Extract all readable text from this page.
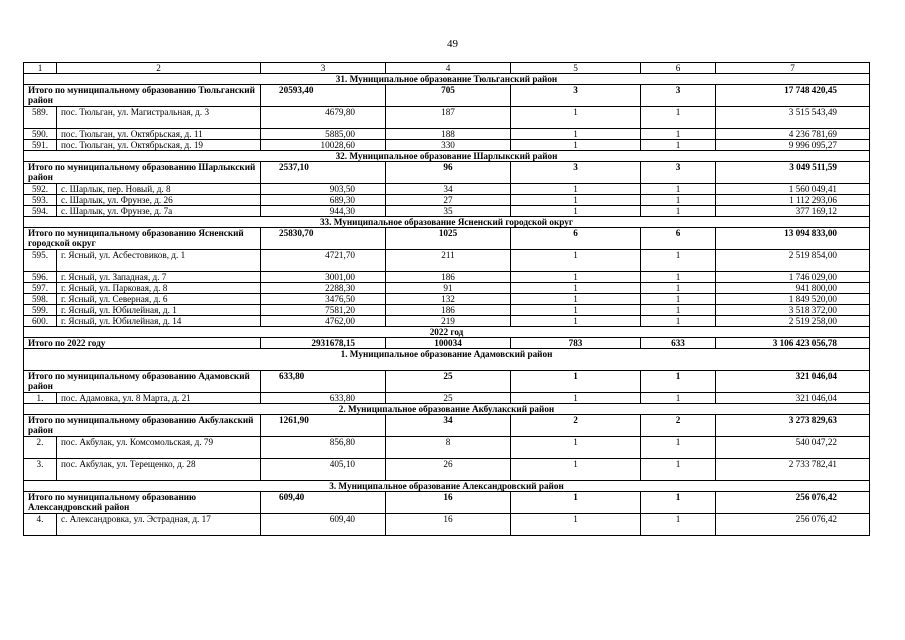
49
1	2	3	4	5	6	7
31. Муниципальное образование Тюльганский район						
Итого по муниципальному образованию Тюльганский район		20593,40	705	3	3	17 748 420,45
589.	пос. Тюльган, ул. Магистральная, д. 3	4679,80	187	1	1	3 515 543,49
590.	пос. Тюльган, ул. Октябрьская, д. 11	5885,00	188	1	1	4 236 781,69
591.	пос. Тюльган, ул. Октябрьская, д. 19	10028,60	330	1	1	9 996 095,27
32. Муниципальное образование Шарлыкский район						
Итого по муниципальному образованию Шарлыкский район		2537,10	96	3	3	3 049 511,59
592.	с. Шарлык, пер. Новый, д. 8	903,50	34	1	1	1 560 049,41
593.	с. Шарлык, ул. Фрунзе, д. 26	689,30	27	1	1	1 112 293,06
594.	с. Шарлык, ул. Фрунзе, д. 7а	944,30	35	1	1	377 169,12
33. Муниципальное образование Ясненский городской округ						
Итого по муниципальному образованию Ясненский городской округ		25830,70	1025	6	6	13 094 833,00
595.	г. Ясный, ул. Асбестовиков, д. 1	4721,70	211	1	1	2 519 854,00
596.	г. Ясный, ул. Западная, д. 7	3001,00	186	1	1	1 746 029,00
597.	г. Ясный, ул. Парковая, д. 8	2288,30	91	1	1	941 800,00
598.	г. Ясный, ул. Северная, д. 6	3476,50	132	1	1	1 849 520,00
599.	г. Ясный, ул. Юбилейная, д. 1	7581,20	186	1	1	3 518 372,00
600.	г. Ясный, ул. Юбилейная, д. 14	4762,00	219	1	1	2 519 258,00
2022 год						
Итого по 2022 году		2931678,15	100034	783	633	3 106 423 056,78
1. Муниципальное образование Адамовский район						
Итого по муниципальному образованию Адамовский район		633,80	25	1	1	321 046,04
1.	пос. Адамовка, ул. 8 Марта, д. 21	633,80	25	1	1	321 046,04
2. Муниципальное образование Акбулакский район						
Итого по муниципальному образованию Акбулакский район		1261,90	34	2	2	3 273 829,63
2.	пос. Акбулак, ул. Комсомольская, д. 79	856,80	8	1	1	540 047,22
3.	пос. Акбулак, ул. Терещенко, д. 28	405,10	26	1	1	2 733 782,41
3. Муниципальное образование Александровский район						
Итого по муниципальному образованию Александровский район		609,40	16	1	1	256 076,42
4.	с. Александровка, ул. Эстрадная, д. 17	609,40	16	1	1	256 076,42
